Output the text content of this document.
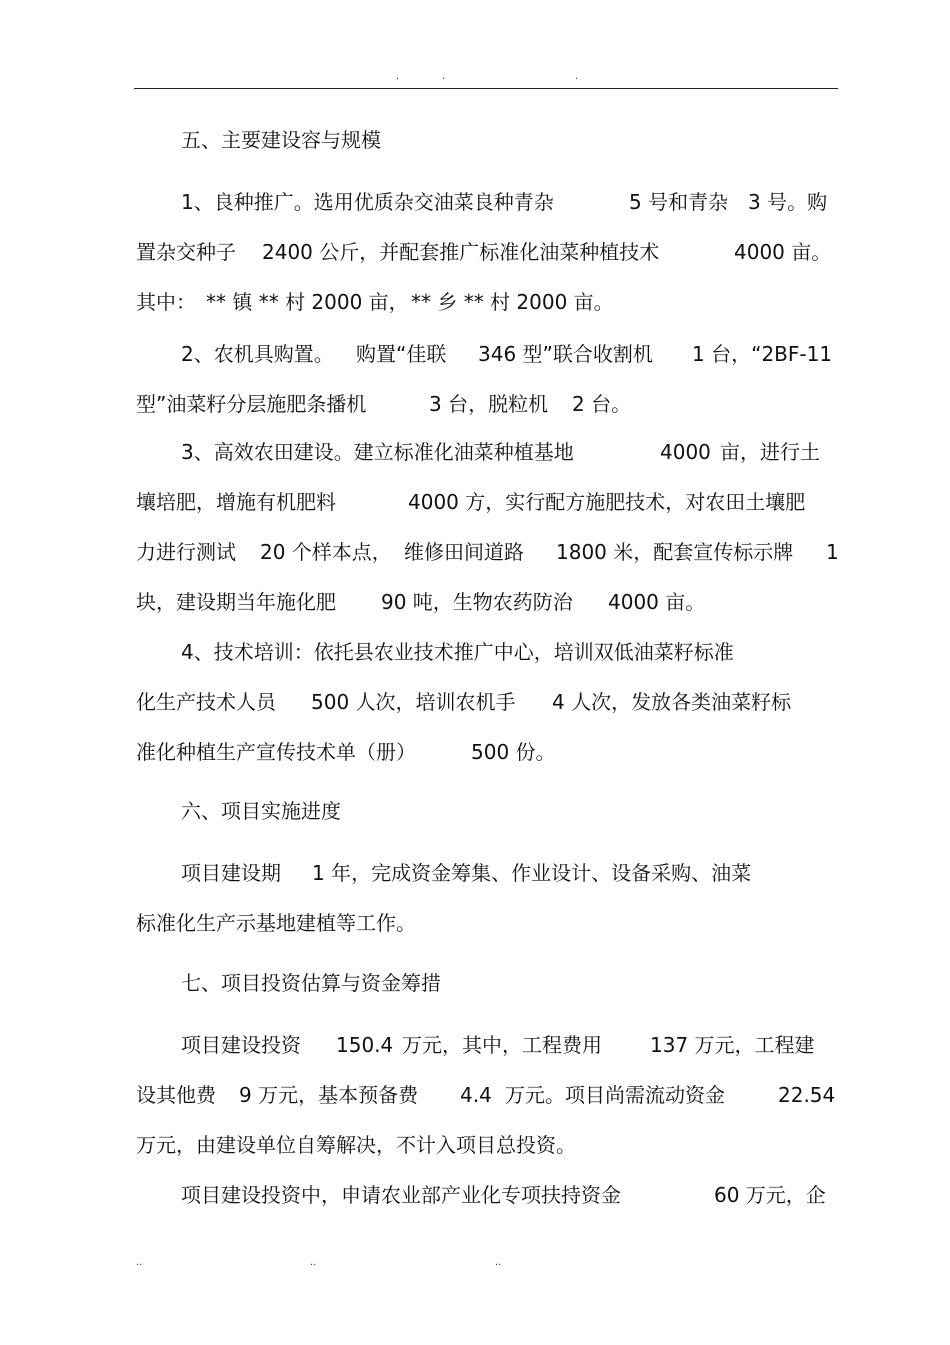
.	.	.
五、主要建设容与规模
1、良种推广。选用优质杂交油菜良种青杂	5 号和青杂 3 号。购
置杂交种子 2400 公斤，并配套推广标准化油菜种植技术	4000 亩。
其中： ** 镇 ** 村 2000 亩， ** 乡 ** 村 2000 亩。
2、农机具购置。 购置“佳联 346 型”联合收割机 1 台，“2BF-11
型”油菜籽分层施肥条播机	3 台，脱粒机 2 台。
3、高效农田建设。建立标准化油菜种植基地	4000 亩，进行土
壤培肥，增施有机肥料	4000 方，实行配方施肥技术，对农田土壤肥
力进行测试 20 个样本点， 维修田间道路 1800 米，配套宣传标示牌 1
块，建设期当年施化肥 90 吨，生物农药防治 4000 亩。
4、技术培训：依托县农业技术推广中心，培训双低油菜籽标准
化生产技术人员 500 人次，培训农机手 4 人次，发放各类油菜籽标
准化种植生产宣传技术单（册）	500 份。
六、项目实施进度
项目建设期 1 年，完成资金筹集、作业设计、设备采购、油菜
标准化生产示基地建植等工作。
七、项目投资估算与资金筹措
项目建设投资 150.4 万元，其中，工程费用 137 万元，工程建
设其他费 9 万元，基本预备费 4.4 万元。项目尚需流动资金	22.54
万元，由建设单位自筹解决，不计入项目总投资。
项目建设投资中，申请农业部产业化专项扶持资金	60 万元，企
..	..	..
